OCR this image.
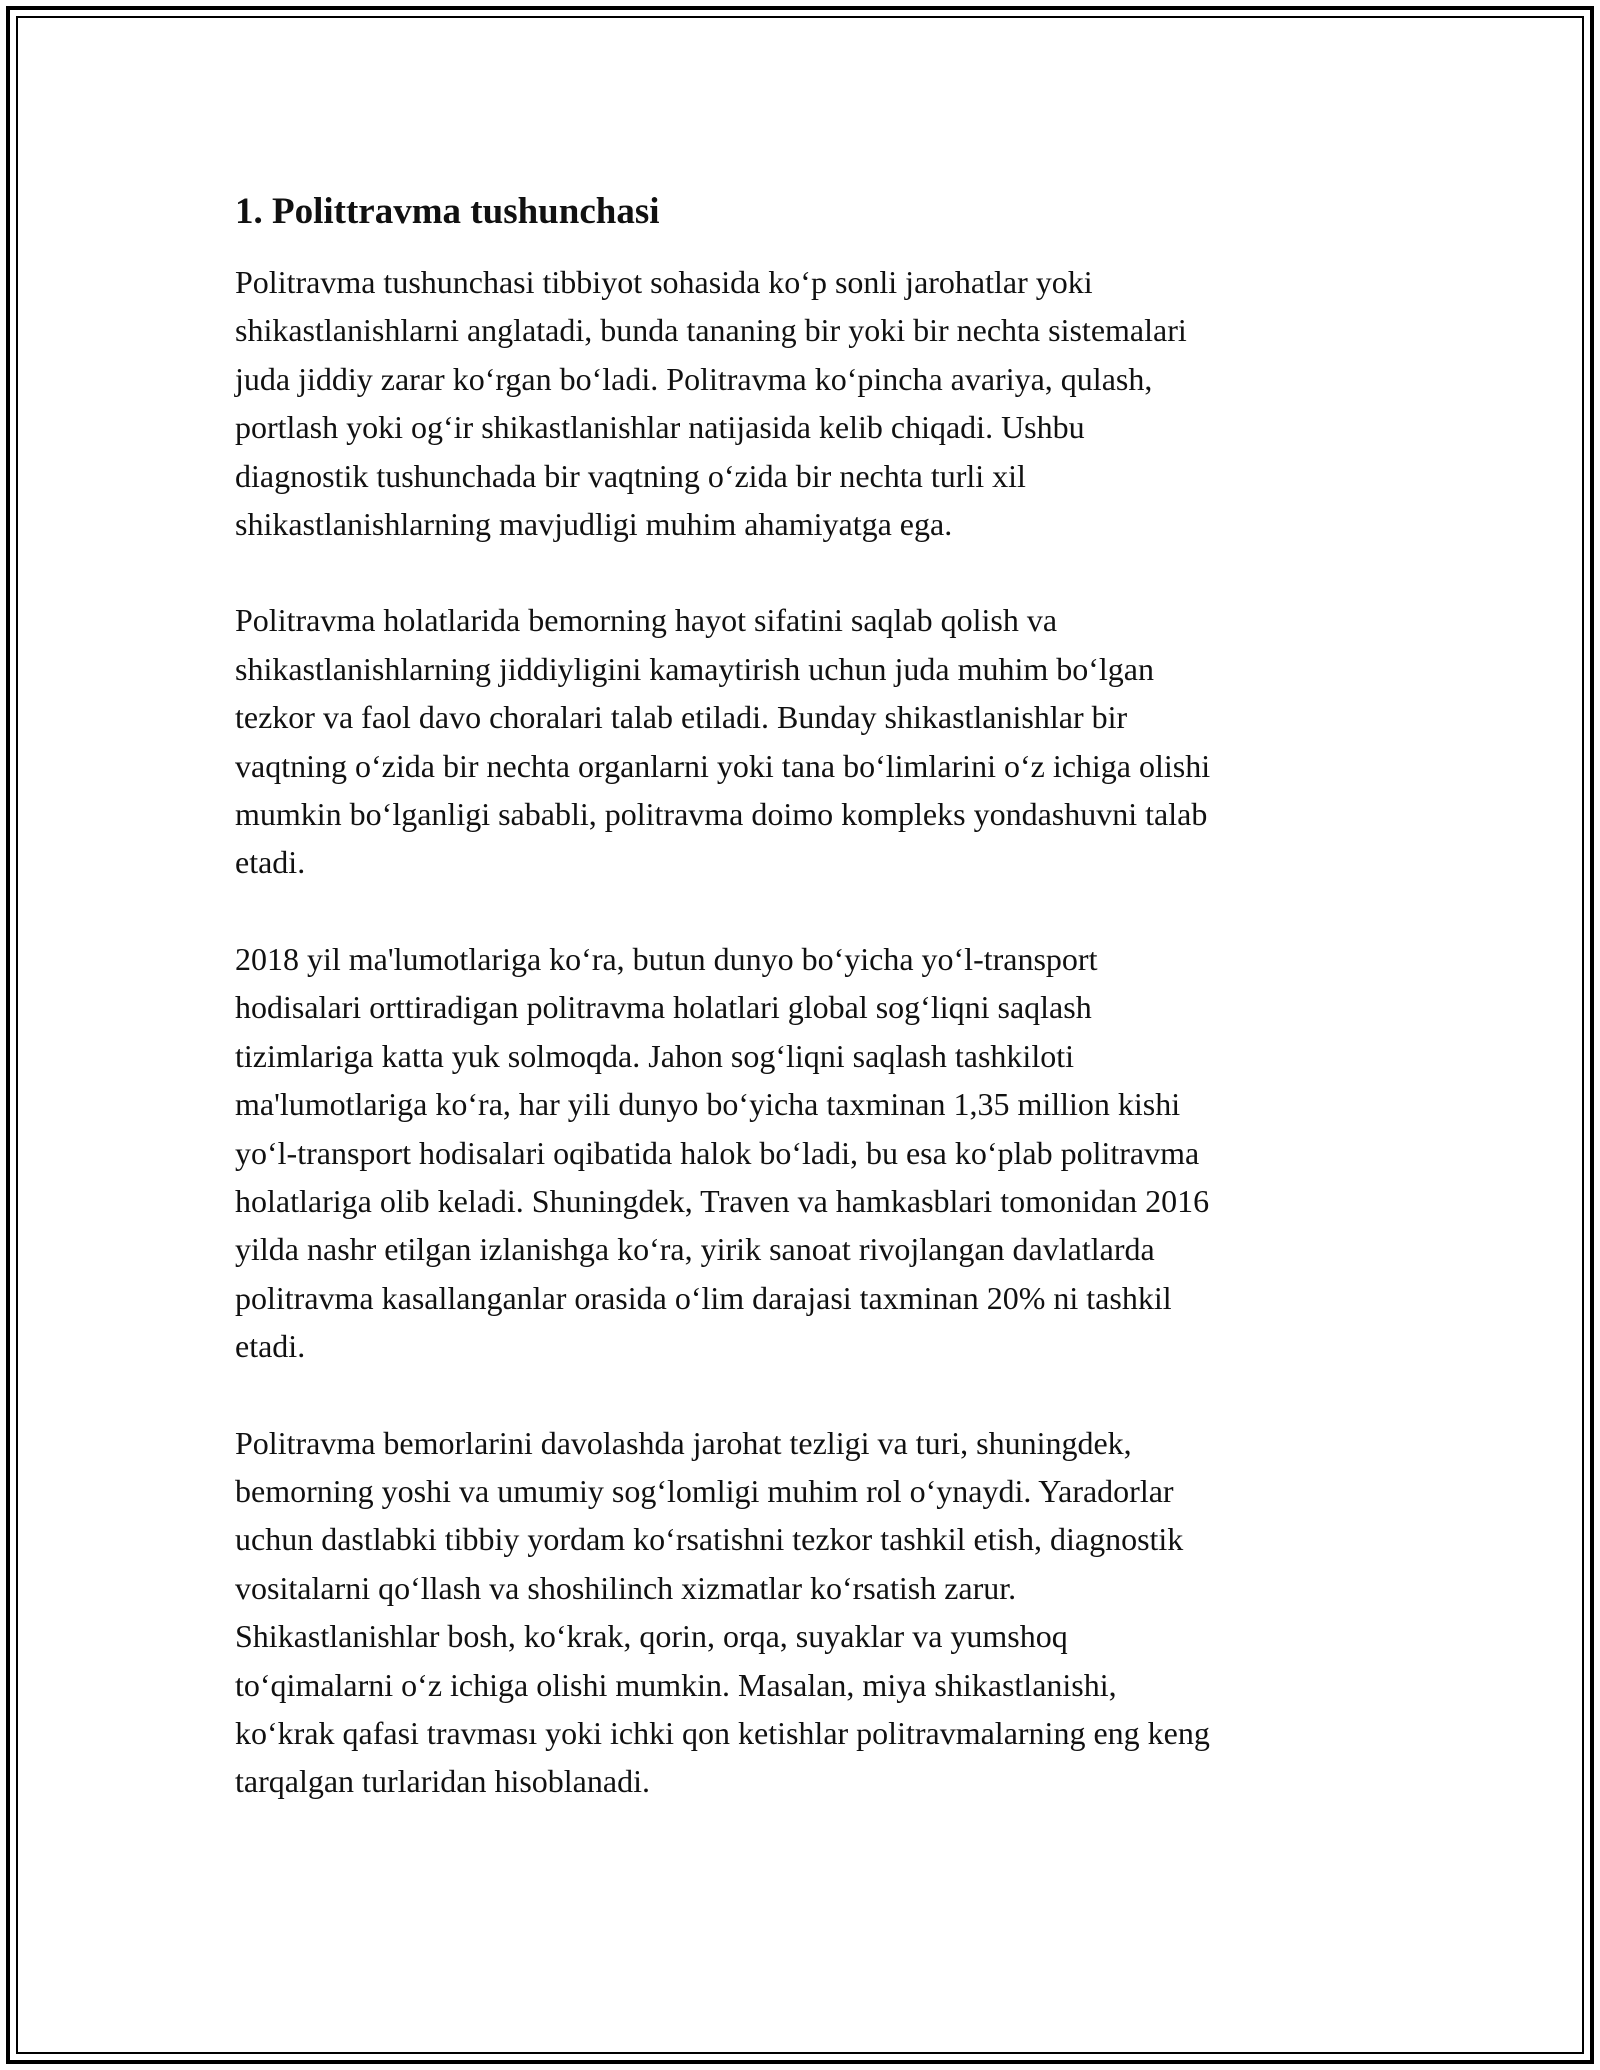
1. Polittravma tushunchasi

Politravma tushunchasi tibbiyot sohasida koʻp sonli jarohatlar yoki
shikastlanishlarni anglatadi, bunda tananing bir yoki bir nechta sistemalari
juda jiddiy zarar koʻrgan boʻladi. Politravma koʻpincha avariya, qulash,
portlash yoki ogʻir shikastlanishlar natijasida kelib chiqadi. Ushbu
diagnostik tushunchada bir vaqtning oʻzida bir nechta turli xil
shikastlanishlarning mavjudligi muhim ahamiyatga ega.

Politravma holatlarida bemorning hayot sifatini saqlab qolish va
shikastlanishlarning jiddiyligini kamaytirish uchun juda muhim boʻlgan
tezkor va faol davo choralari talab etiladi. Bunday shikastlanishlar bir
vaqtning oʻzida bir nechta organlarni yoki tana boʻlimlarini oʻz ichiga olishi
mumkin boʻlganligi sababli, politravma doimo kompleks yondashuvni talab
etadi.

2018 yil ma'lumotlariga koʻra, butun dunyo boʻyicha yoʻl-transport
hodisalari orttiradigan politravma holatlari global sogʻliqni saqlash
tizimlariga katta yuk solmoqda. Jahon sogʻliqni saqlash tashkiloti
ma'lumotlariga koʻra, har yili dunyo boʻyicha taxminan 1,35 million kishi
yoʻl-transport hodisalari oqibatida halok boʻladi, bu esa koʻplab politravma
holatlariga olib keladi. Shuningdek, Traven va hamkasblari tomonidan 2016
yilda nashr etilgan izlanishga koʻra, yirik sanoat rivojlangan davlatlarda
politravma kasallanganlar orasida oʻlim darajasi taxminan 20% ni tashkil
etadi.

Politravma bemorlarini davolashda jarohat tezligi va turi, shuningdek,
bemorning yoshi va umumiy sogʻlomligi muhim rol oʻynaydi. Yaradorlar
uchun dastlabki tibbiy yordam koʻrsatishni tezkor tashkil etish, diagnostik
vositalarni qoʻllash va shoshilinch xizmatlar koʻrsatish zarur.
Shikastlanishlar bosh, koʻkrak, qorin, orqa, suyaklar va yumshoq
toʻqimalarni oʻz ichiga olishi mumkin. Masalan, miya shikastlanishi,
koʻkrak qafasi travması yoki ichki qon ketishlar politravmalarning eng keng
tarqalgan turlaridan hisoblanadi.
